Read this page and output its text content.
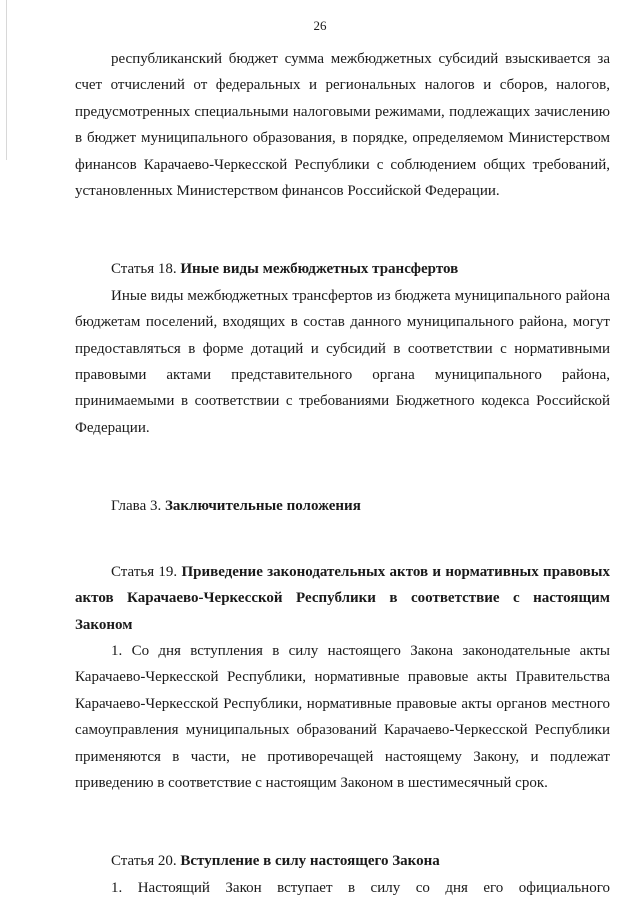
26

республиканский бюджет сумма межбюджетных субсидий взыскивается за счет отчислений от федеральных и региональных налогов и сборов, налогов, предусмотренных специальными налоговыми режимами, подлежащих зачислению в бюджет муниципального образования, в порядке, определяемом Министерством финансов Карачаево-Черкесской Республики с соблюдением общих требований, установленных Министерством финансов Российской Федерации.

Статья 18. Иные виды межбюджетных трансфертов

Иные виды межбюджетных трансфертов из бюджета муниципального района бюджетам поселений, входящих в состав данного муниципального района, могут предоставляться в форме дотаций и субсидий в соответствии с нормативными правовыми актами представительного органа муниципального района, принимаемыми в соответствии с требованиями Бюджетного кодекса Российской Федерации.

Глава 3. Заключительные положения

Статья 19. Приведение законодательных актов и нормативных правовых актов Карачаево-Черкесской Республики в соответствие с настоящим Законом

1. Со дня вступления в силу настоящего Закона законодательные акты Карачаево-Черкесской Республики, нормативные правовые акты Правительства Карачаево-Черкесской Республики, нормативные правовые акты органов местного самоуправления муниципальных образований Карачаево-Черкесской Республики применяются в части, не противоречащей настоящему Закону, и подлежат приведению в соответствие с настоящим Законом в шестимесячный срок.

Статья 20. Вступление в силу настоящего Закона

1. Настоящий Закон вступает в силу со дня его официального
